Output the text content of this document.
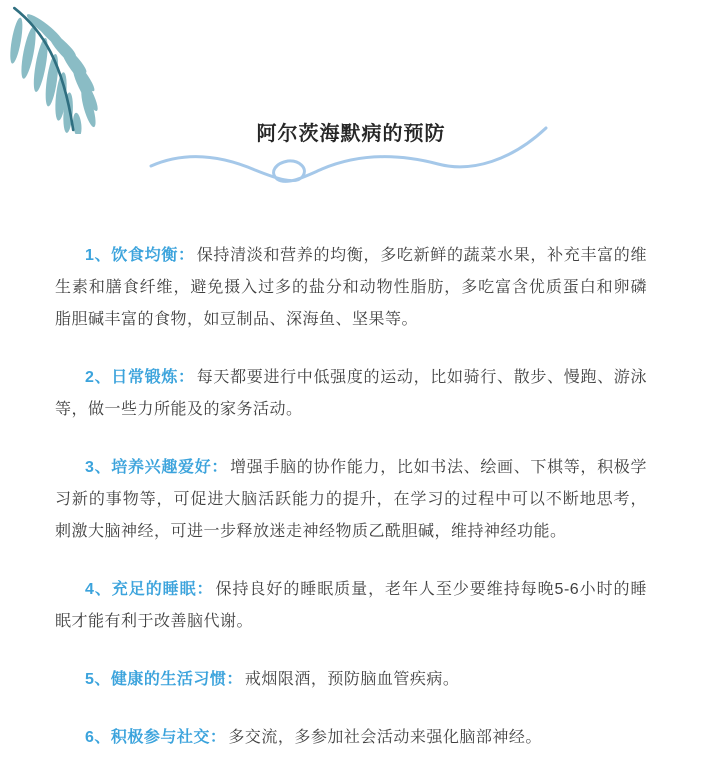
阿尔茨海默病的预防

1、饮食均衡： 保持清淡和营养的均衡，多吃新鲜的蔬菜水果，补充丰富的维生素和膳食纤维，避免摄入过多的盐分和动物性脂肪，多吃富含优质蛋白和卵磷脂胆碱丰富的食物，如豆制品、深海鱼、坚果等。

2、日常锻炼： 每天都要进行中低强度的运动，比如骑行、散步、慢跑、游泳等，做一些力所能及的家务活动。

3、培养兴趣爱好： 增强手脑的协作能力，比如书法、绘画、下棋等，积极学习新的事物等，可促进大脑活跃能力的提升，在学习的过程中可以不断地思考，刺激大脑神经，可进一步释放迷走神经物质乙酰胆碱，维持神经功能。

4、充足的睡眠： 保持良好的睡眠质量，老年人至少要维持每晚5-6小时的睡眠才能有利于改善脑代谢。

5、健康的生活习惯： 戒烟限酒，预防脑血管疾病。

6、积极参与社交： 多交流，多参加社会活动来强化脑部神经。
